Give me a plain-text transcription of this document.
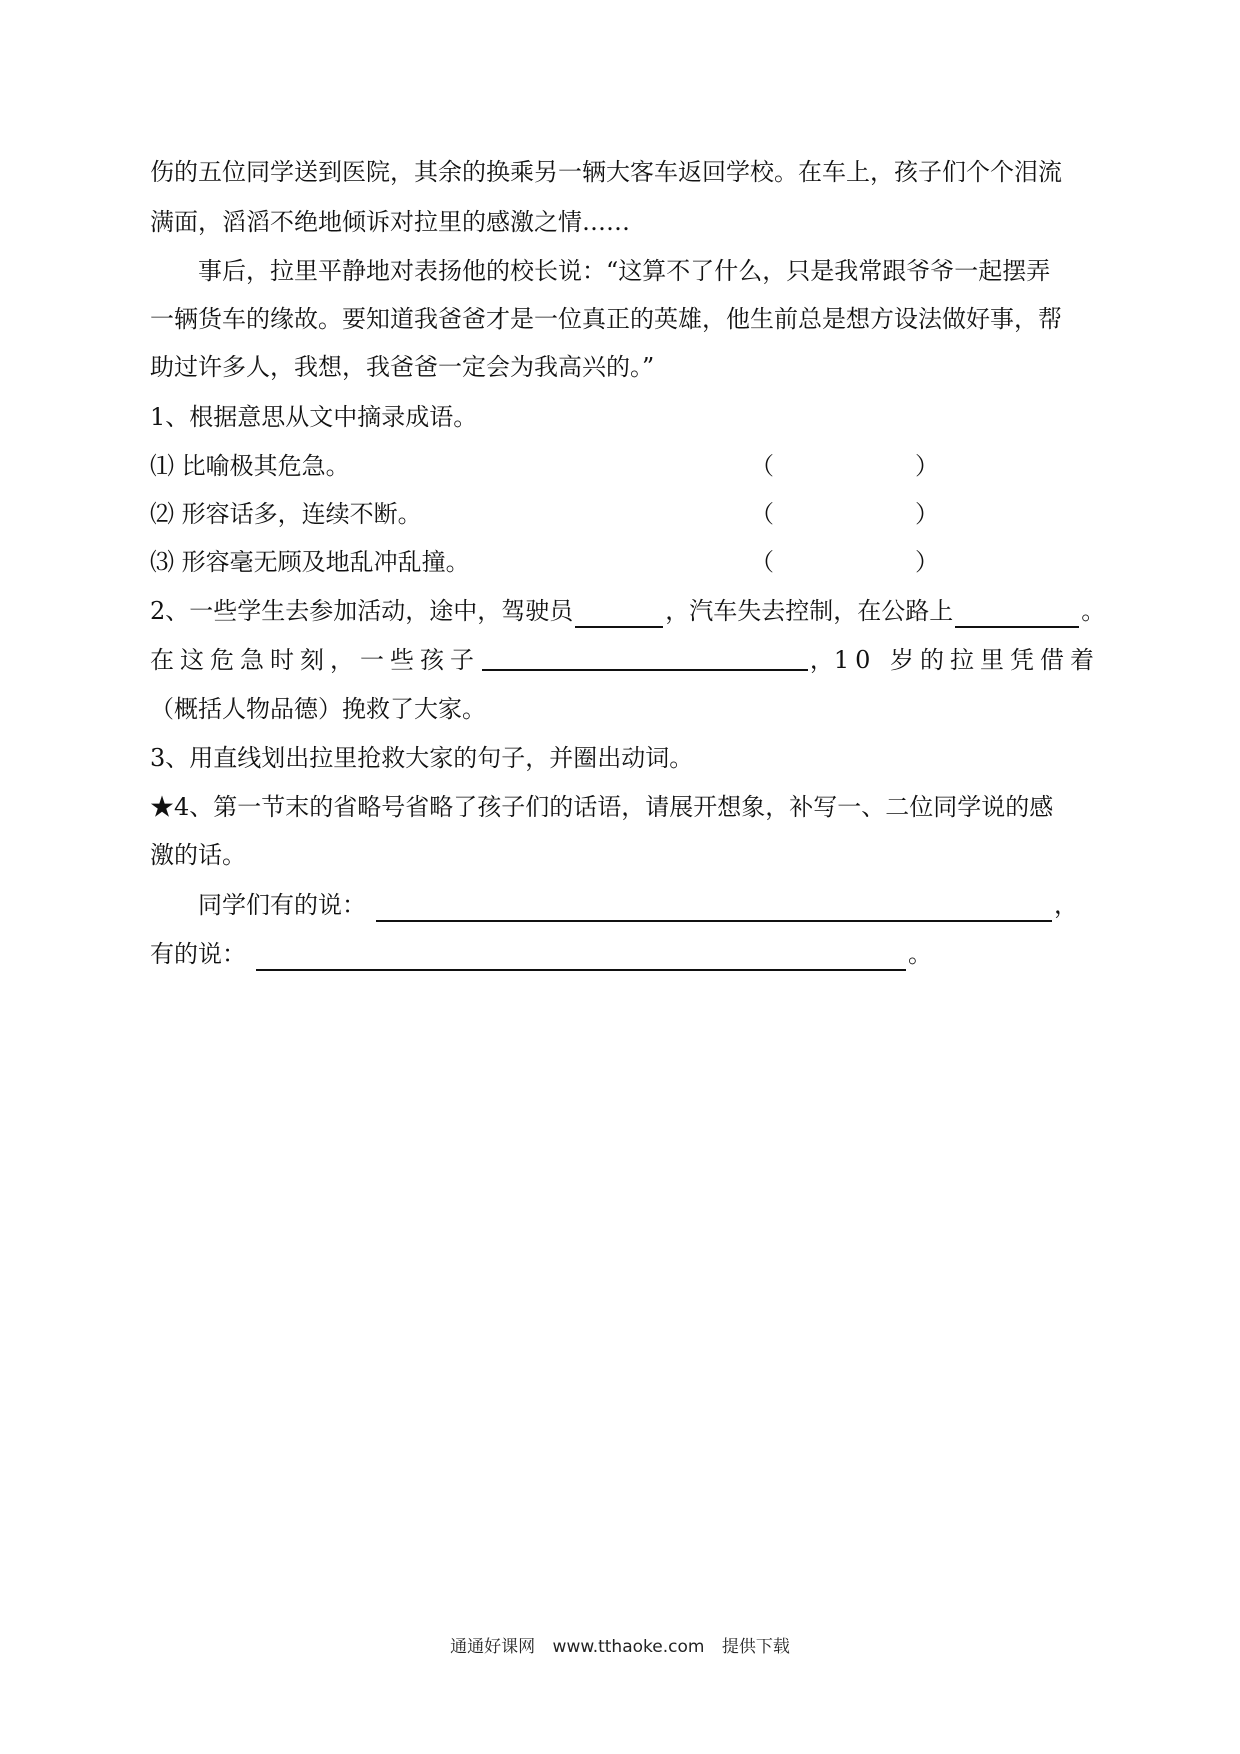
伤的五位同学送到医院，其余的换乘另一辆大客车返回学校。在车上，孩子们个个泪流
满面，滔滔不绝地倾诉对拉里的感激之情……
事后，拉里平静地对表扬他的校长说：“这算不了什么，只是我常跟爷爷一起摆弄
一辆货车的缘故。要知道我爸爸才是一位真正的英雄，他生前总是想方设法做好事，帮
助过许多人，我想，我爸爸一定会为我高兴的。”
1、根据意思从文中摘录成语。
⑴ 比喻极其危急。	（	）
⑵ 形容话多，连续不断。	（	）
⑶ 形容毫无顾及地乱冲乱撞。	（	）
2、一些学生去参加活动，途中，驾驶员	，汽车失去控制，在公路上	。
在这危急时刻，一些孩子	， 10 岁的拉里凭借着
（概括人物品德）挽救了大家。
3、用直线划出拉里抢救大家的句子，并圈出动词。
★4、第一节末的省略号省略了孩子们的话语，请展开想象，补写一、二位同学说的感
激的话。
同学们有的说：	，
有的说：	。
通通好课网 www.tthaoke.com 提供下载
